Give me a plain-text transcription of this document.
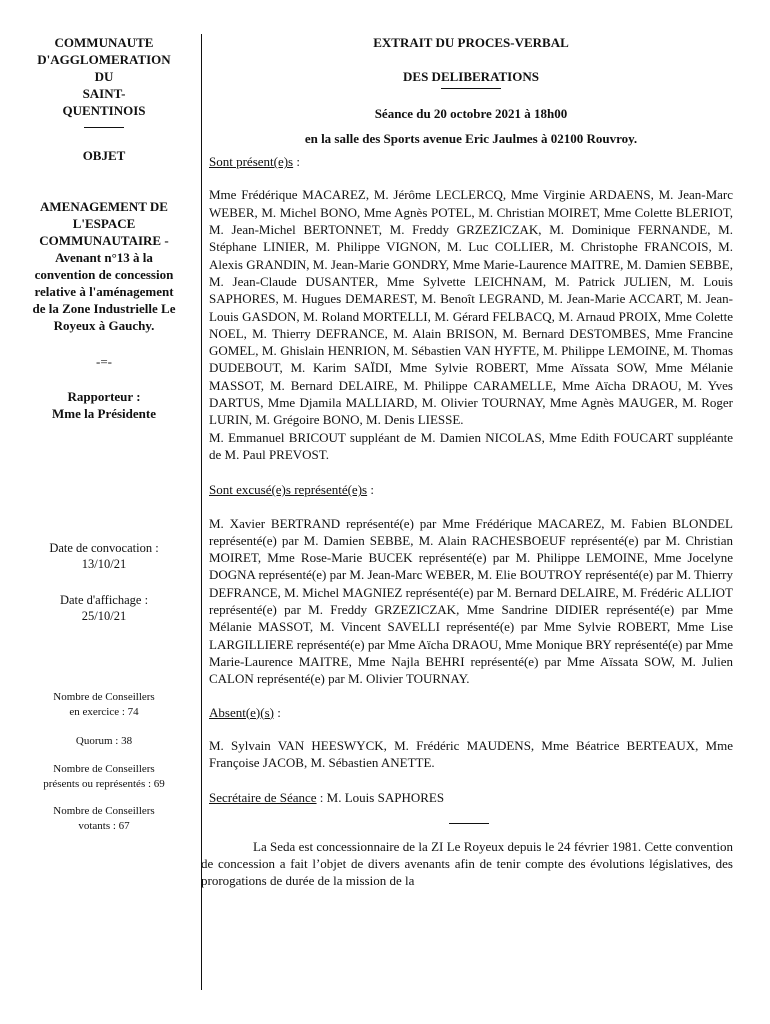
COMMUNAUTE
D'AGGLOMERATION
DU
SAINT-
QUENTINOIS
OBJET
AMENAGEMENT DE
L'ESPACE
COMMUNAUTAIRE -
Avenant n°13 à la
convention de concession
relative à l'aménagement
de la Zone Industrielle Le
Royeux à Gauchy.
-=-
Rapporteur :
Mme la Présidente
Date de convocation :
13/10/21
Date d'affichage :
25/10/21
Nombre de Conseillers
en exercice : 74
Quorum : 38
Nombre de Conseillers
présents ou représentés : 69
Nombre de Conseillers
votants : 67
EXTRAIT DU PROCES-VERBAL
DES DELIBERATIONS
Séance du 20 octobre 2021 à 18h00
en la salle des Sports avenue Eric Jaulmes à 02100 Rouvroy.
Sont présent(e)s :

Mme Frédérique MACAREZ, M. Jérôme LECLERCQ, Mme Virginie ARDAENS, M. Jean-Marc WEBER, M. Michel BONO, Mme Agnès POTEL, M. Christian MOIRET, Mme Colette BLERIOT, M. Jean-Michel BERTONNET, M. Freddy GRZEZICZAK, M. Dominique FERNANDE, M. Stéphane LINIER, M. Philippe VIGNON, M. Luc COLLIER, M. Christophe FRANCOIS, M. Alexis GRANDIN, M. Jean-Marie GONDRY, Mme Marie-Laurence MAITRE, M. Damien SEBBE, M. Jean-Claude DUSANTER, Mme Sylvette LEICHNAM, M. Patrick JULIEN, M. Louis SAPHORES, M. Hugues DEMAREST, M. Benoît LEGRAND, M. Jean-Marie ACCART, M. Jean-Louis GASDON, M. Roland MORTELLI, M. Gérard FELBACQ, M. Arnaud PROIX, Mme Colette NOEL, M. Thierry DEFRANCE, M. Alain BRISON, M. Bernard DESTOMBES, Mme Francine GOMEL, M. Ghislain HENRION, M. Sébastien VAN HYFTE, M. Philippe LEMOINE, M. Thomas DUDEBOUT, M. Karim SAÏDI, Mme Sylvie ROBERT, Mme Aïssata SOW, Mme Mélanie MASSOT, M. Bernard DELAIRE, M. Philippe CARAMELLE, Mme Aïcha DRAOU, M. Yves DARTUS, Mme Djamila MALLIARD, M. Olivier TOURNAY, Mme Agnès MAUGER, M. Roger LURIN, M. Grégoire BONO, M. Denis LIESSE.

M. Emmanuel BRICOUT suppléant de M. Damien NICOLAS, Mme Edith FOUCART suppléante de M. Paul PREVOST.

Sont excusé(e)s représenté(e)s :

M. Xavier BERTRAND représenté(e) par Mme Frédérique MACAREZ, M. Fabien BLONDEL représenté(e) par M. Damien SEBBE, M. Alain RACHESBOEUF représenté(e) par M. Christian MOIRET, Mme Rose-Marie BUCEK représenté(e) par M. Philippe LEMOINE, Mme Jocelyne DOGNA représenté(e) par M. Jean-Marc WEBER, M. Elie BOUTROY représenté(e) par M. Thierry DEFRANCE, M. Michel MAGNIEZ représenté(e) par M. Bernard DELAIRE, M. Frédéric ALLIOT représenté(e) par M. Freddy GRZEZICZAK, Mme Sandrine DIDIER représenté(e) par Mme Mélanie MASSOT, M. Vincent SAVELLI représenté(e) par Mme Sylvie ROBERT, Mme Lise LARGILLIERE représenté(e) par Mme Aïcha DRAOU, Mme Monique BRY représenté(e) par Mme Marie-Laurence MAITRE, Mme Najla BEHRI représenté(e) par Mme Aïssata SOW, M. Julien CALON représenté(e) par M. Olivier TOURNAY.

Absent(e)(s) :

M. Sylvain VAN HEESWYCK, M. Frédéric MAUDENS, Mme Béatrice BERTEAUX, Mme Françoise JACOB, M. Sébastien ANETTE.

Secrétaire de Séance : M. Louis SAPHORES

La Seda est concessionnaire de la ZI Le Royeux depuis le 24 février 1981. Cette convention de concession a fait l’objet de divers avenants afin de tenir compte des évolutions législatives, des prorogations de durée de la mission de la
